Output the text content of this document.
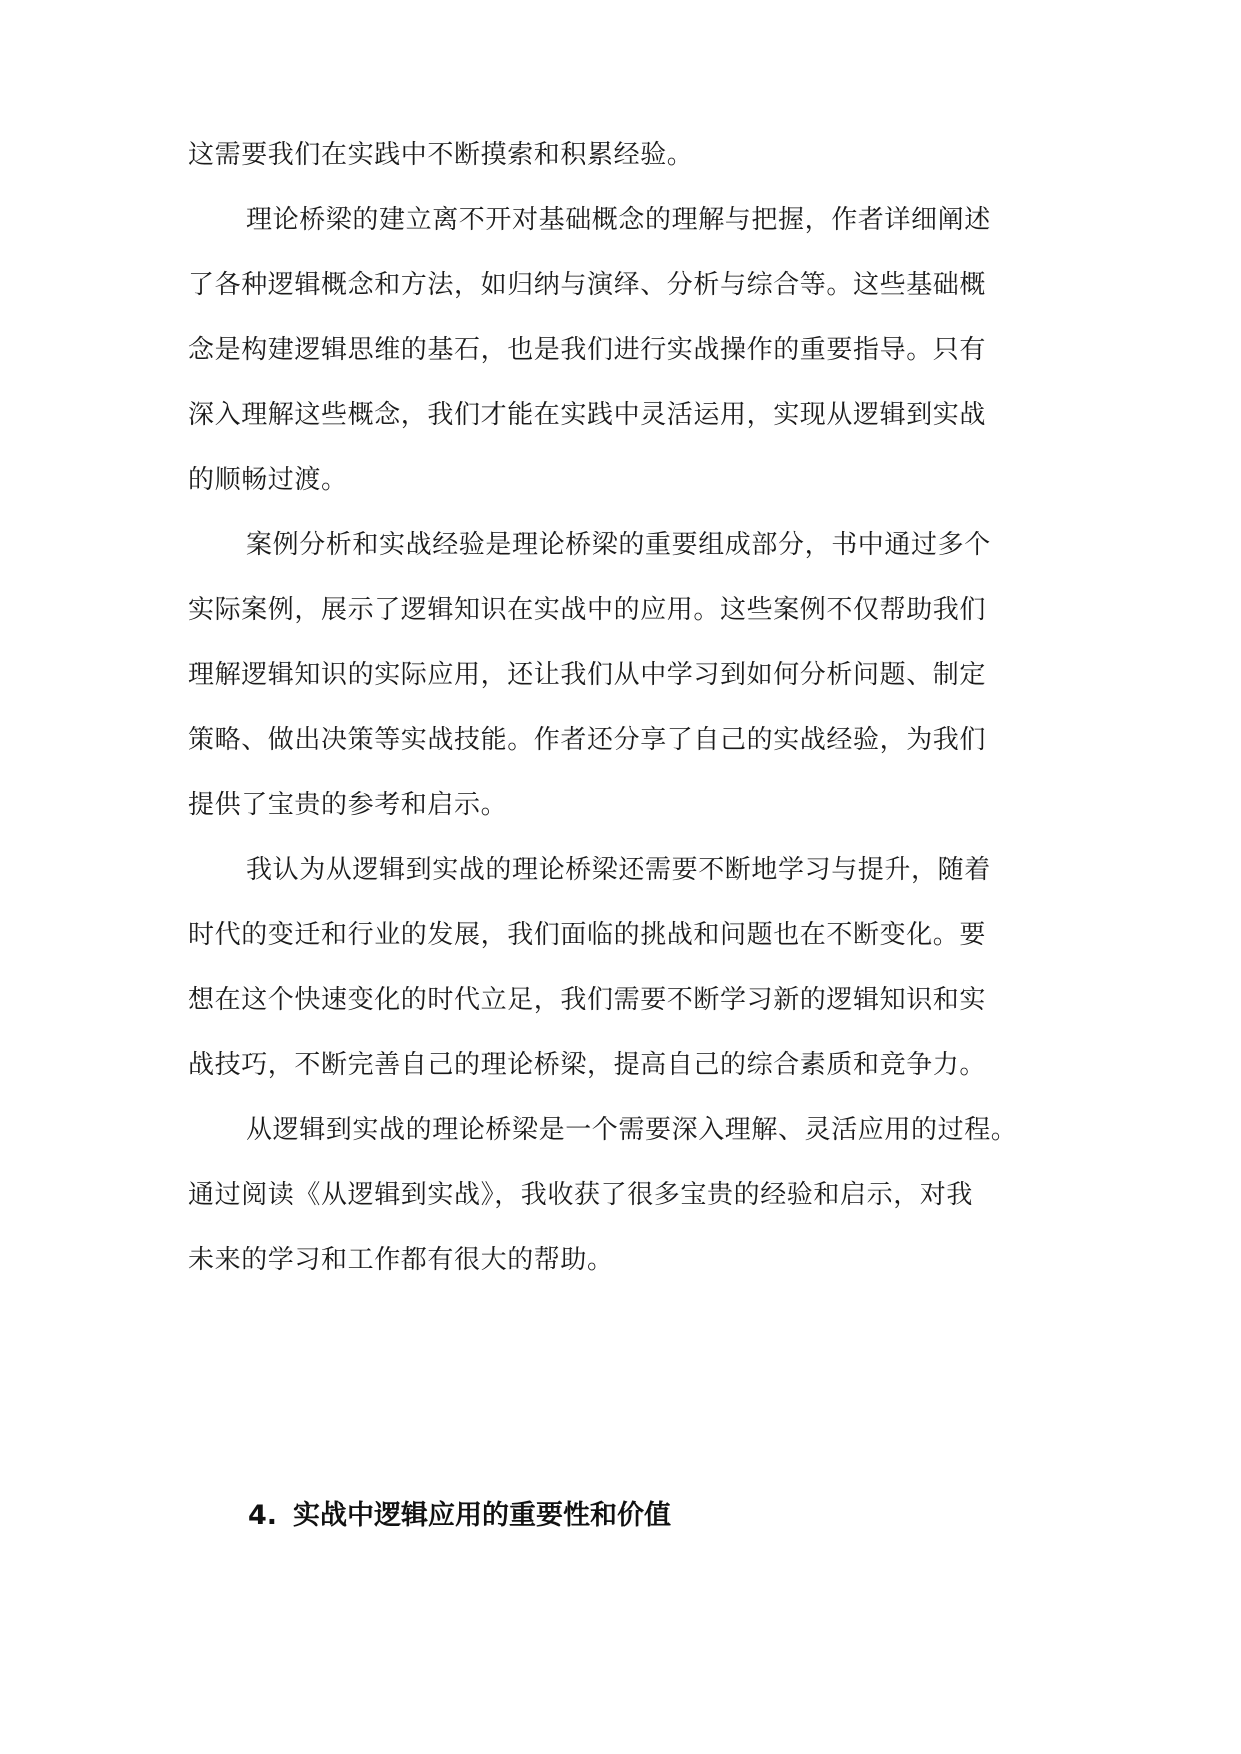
这需要我们在实践中不断摸索和积累经验。
理论桥梁的建立离不开对基础概念的理解与把握，作者详细阐述
了各种逻辑概念和方法，如归纳与演绎、分析与综合等。这些基础概
念是构建逻辑思维的基石，也是我们进行实战操作的重要指导。只有
深入理解这些概念，我们才能在实践中灵活运用，实现从逻辑到实战
的顺畅过渡。
案例分析和实战经验是理论桥梁的重要组成部分，书中通过多个
实际案例，展示了逻辑知识在实战中的应用。这些案例不仅帮助我们
理解逻辑知识的实际应用，还让我们从中学习到如何分析问题、制定
策略、做出决策等实战技能。作者还分享了自己的实战经验，为我们
提供了宝贵的参考和启示。
我认为从逻辑到实战的理论桥梁还需要不断地学习与提升，随着
时代的变迁和行业的发展，我们面临的挑战和问题也在不断变化。要
想在这个快速变化的时代立足，我们需要不断学习新的逻辑知识和实
战技巧，不断完善自己的理论桥梁，提高自己的综合素质和竞争力。
从逻辑到实战的理论桥梁是一个需要深入理解、灵活应用的过程。
通过阅读《从逻辑到实战》，我收获了很多宝贵的经验和启示，对我
未来的学习和工作都有很大的帮助。
4. 实战中逻辑应用的重要性和价值
